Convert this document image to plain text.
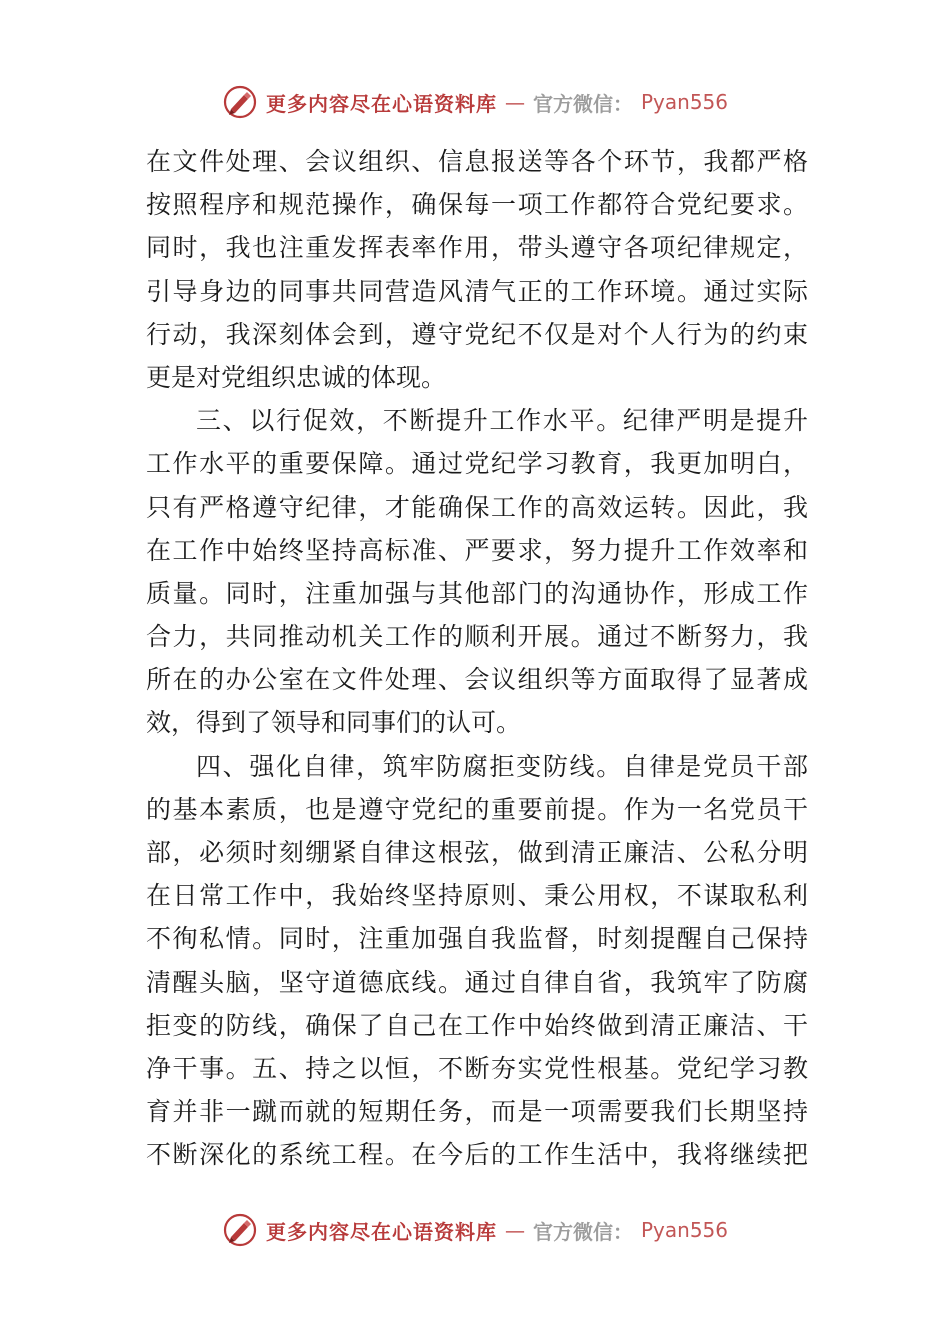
更多内容尽在心语资料库 — 官方微信： Pyan556
在文件处理、会议组织、信息报送等各个环节，我都严格
按照程序和规范操作，确保每一项工作都符合党纪要求。
同时，我也注重发挥表率作用，带头遵守各项纪律规定，
引导身边的同事共同营造风清气正的工作环境。通过实际
行动，我深刻体会到，遵守党纪不仅是对个人行为的约束
更是对党组织忠诚的体现。
三、以行促效，不断提升工作水平。纪律严明是提升
工作水平的重要保障。通过党纪学习教育，我更加明白，
只有严格遵守纪律，才能确保工作的高效运转。因此，我
在工作中始终坚持高标准、严要求，努力提升工作效率和
质量。同时，注重加强与其他部门的沟通协作，形成工作
合力，共同推动机关工作的顺利开展。通过不断努力，我
所在的办公室在文件处理、会议组织等方面取得了显著成
效，得到了领导和同事们的认可。
四、强化自律，筑牢防腐拒变防线。自律是党员干部
的基本素质，也是遵守党纪的重要前提。作为一名党员干
部，必须时刻绷紧自律这根弦，做到清正廉洁、公私分明
在日常工作中，我始终坚持原则、秉公用权，不谋取私利
不徇私情。同时，注重加强自我监督，时刻提醒自己保持
清醒头脑，坚守道德底线。通过自律自省，我筑牢了防腐
拒变的防线，确保了自己在工作中始终做到清正廉洁、干
净干事。五、持之以恒，不断夯实党性根基。党纪学习教
育并非一蹴而就的短期任务，而是一项需要我们长期坚持
不断深化的系统工程。在今后的工作生活中，我将继续把
更多内容尽在心语资料库 — 官方微信： Pyan556
